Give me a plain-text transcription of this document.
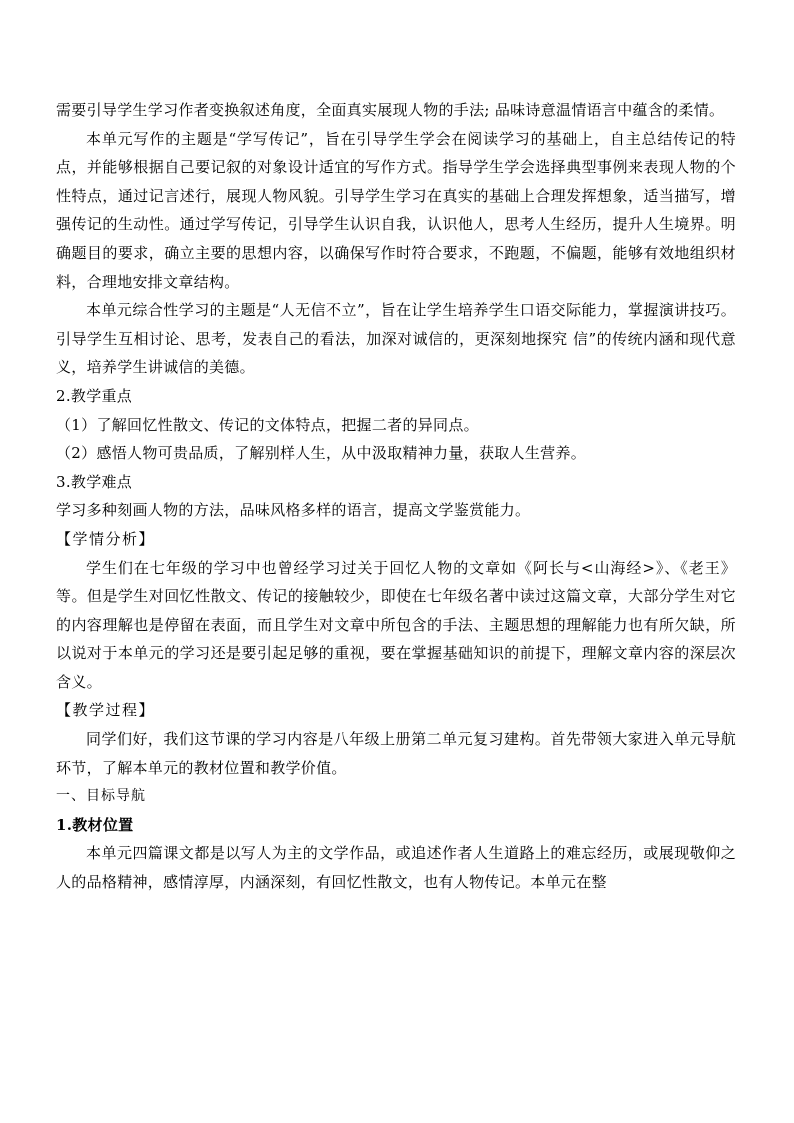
需要引导学生学习作者变换叙述角度，全面真实展现人物的手法; 品味诗意温情语言中蕴含的柔情。

本单元写作的主题是“学写传记”，旨在引导学生学会在阅读学习的基础上，自主总结传记的特点，并能够根据自己要记叙的对象设计适宜的写作方式。指导学生学会选择典型事例来表现人物的个性特点，通过记言述行，展现人物风貌。引导学生学习在真实的基础上合理发挥想象，适当描写，增强传记的生动性。通过学写传记，引导学生认识自我，认识他人，思考人生经历，提升人生境界。明确题目的要求，确立主要的思想内容，以确保写作时符合要求，不跑题，不偏题，能够有效地组织材料，合理地安排文章结构。

本单元综合性学习的主题是“人无信不立”，旨在让学生培养学生口语交际能力，掌握演讲技巧。引导学生互相讨论、思考，发表自己的看法，加深对诚信的，更深刻地探究 信”的传统内涵和现代意义，培养学生讲诚信的美德。

2.教学重点

（1）了解回忆性散文、传记的文体特点，把握二者的异同点。

（2）感悟人物可贵品质，了解别样人生，从中汲取精神力量，获取人生营养。

3.教学难点

学习多种刻画人物的方法，品味风格多样的语言，提高文学鉴赏能力。

【学情分析】

学生们在七年级的学习中也曾经学习过关于回忆人物的文章如《阿长与<山海经>》、《老王》等。但是学生对回忆性散文、传记的接触较少，即使在七年级名著中读过这篇文章，大部分学生对它的内容理解也是停留在表面，而且学生对文章中所包含的手法、主题思想的理解能力也有所欠缺，所以说对于本单元的学习还是要引起足够的重视，要在掌握基础知识的前提下，理解文章内容的深层次含义。

【教学过程】

同学们好，我们这节课的学习内容是八年级上册第二单元复习建构。首先带领大家进入单元导航环节，了解本单元的教材位置和教学价值。

一、目标导航

1.教材位置

本单元四篇课文都是以写人为主的文学作品，或追述作者人生道路上的难忘经历，或展现敬仰之人的品格精神，感情淳厚，内涵深刻，有回忆性散文，也有人物传记。本单元在整
